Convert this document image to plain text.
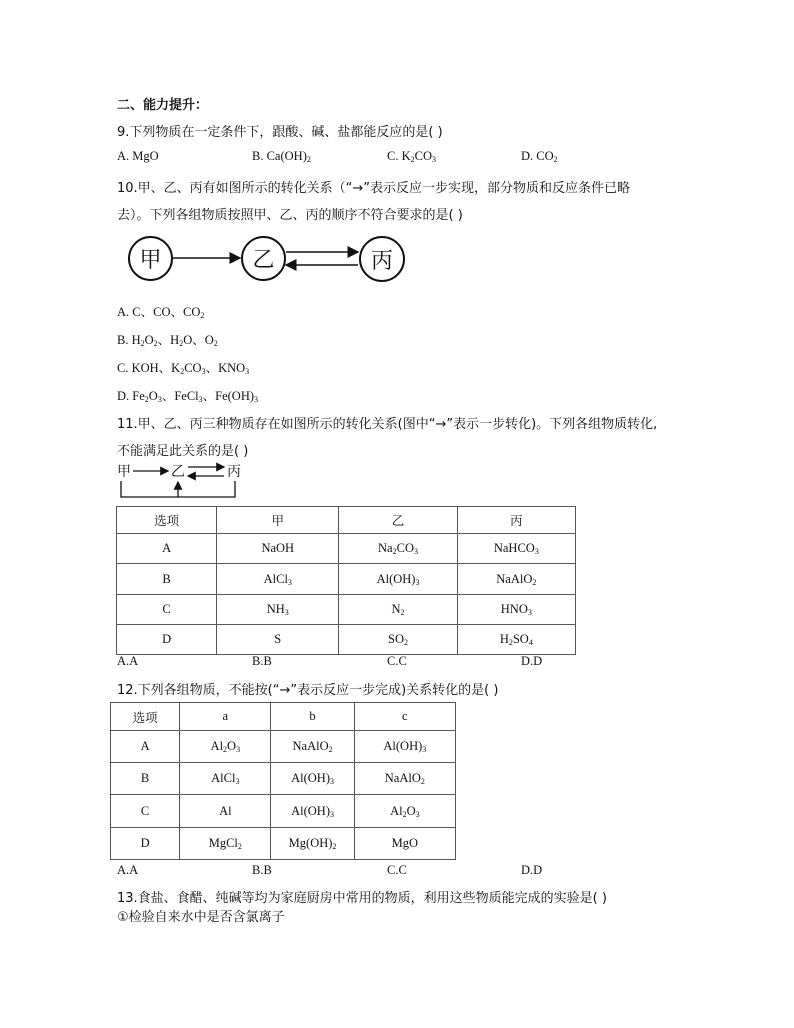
二、能力提升：
9.下列物质在一定条件下，跟酸、碱、盐都能反应的是( )
A. MgO	B. $Ca(OH)_2$	C. $K_2CO_3$	D. $CO_2$
10.甲、乙、丙有如图所示的转化关系（“→”表示反应一步实现，部分物质和反应条件已略
去）。下列各组物质按照甲、乙、丙的顺序不符合要求的是( )
甲	乙	丙
A. C、CO、$CO_2$
B. $H_2O_2$、$H_2O$、$O_2$
C. KOH、$K_2CO_3$、$KNO_3$
D. $Fe_2O_3$、FeCl$_3$、$Fe(OH)_3$
11.甲、乙、丙三种物质存在如图所示的转化关系(图中“→”表示一步转化)。下列各组物质转化,
不能满足此关系的是( )
甲	乙	丙
选项	甲	乙	丙
A	NaOH	$Na_2CO_3$	NaHCO$_3$
B	AlCl$_3$	$Al(OH)_3$	NaAlO$_2$
C	$NH_3$	$N_2$	$HNO_3$
D	S	$SO_2$	$H_2SO_4$
A.A	B.B	C.C	D.D
12.下列各组物质，不能按(“→”表示反应一步完成)关系转化的是( )
选项	a	b	c
A	$Al_2O_3$	NaAlO$_2$	$Al(OH)_3$
B	AlCl$_3$	$Al(OH)_3$	NaAlO$_2$
C	Al	$Al(OH)_3$	$Al_2O_3$
D	MgCl$_2$	$Mg(OH)_2$	MgO
A.A	B.B	C.C	D.D
13.食盐、食醋、纯碱等均为家庭厨房中常用的物质，利用这些物质能完成的实验是( )
①检验自来水中是否含氯离子
